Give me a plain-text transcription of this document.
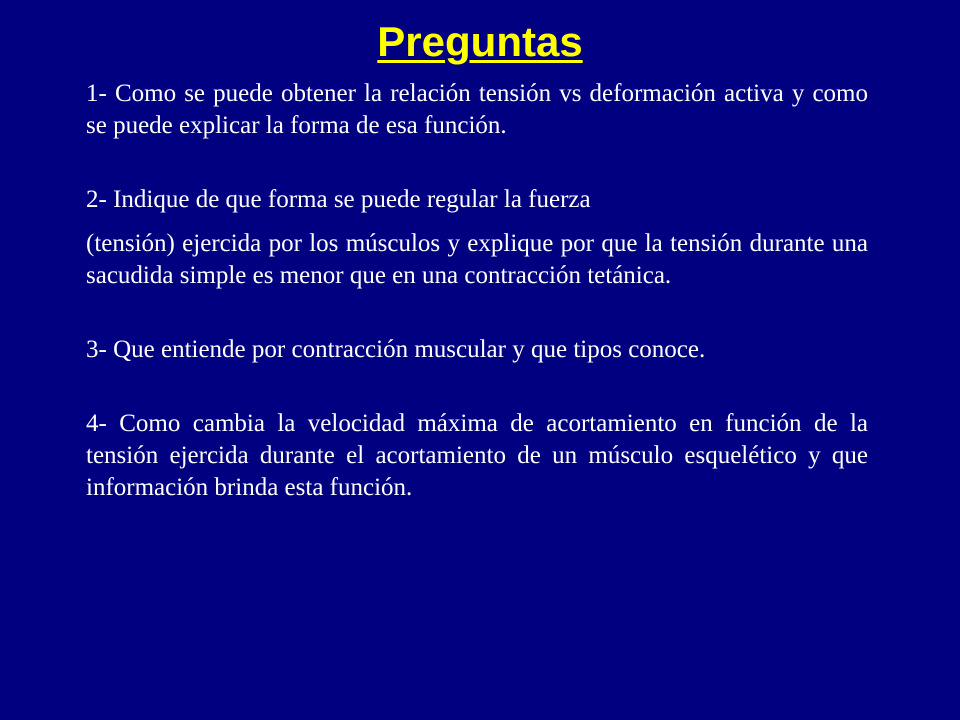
Preguntas

1- Como se puede obtener la relación tensión vs deformación activa y como se puede explicar la forma de esa función.

2- Indique de que forma se puede regular la fuerza

(tensión) ejercida por los músculos y explique por que la tensión durante una sacudida simple es menor que en una contracción tetánica.

3- Que entiende por contracción muscular y que tipos conoce.

4- Como cambia la velocidad máxima de acortamiento en función de la tensión ejercida durante el acortamiento de un músculo esquelético y que información brinda esta función.
